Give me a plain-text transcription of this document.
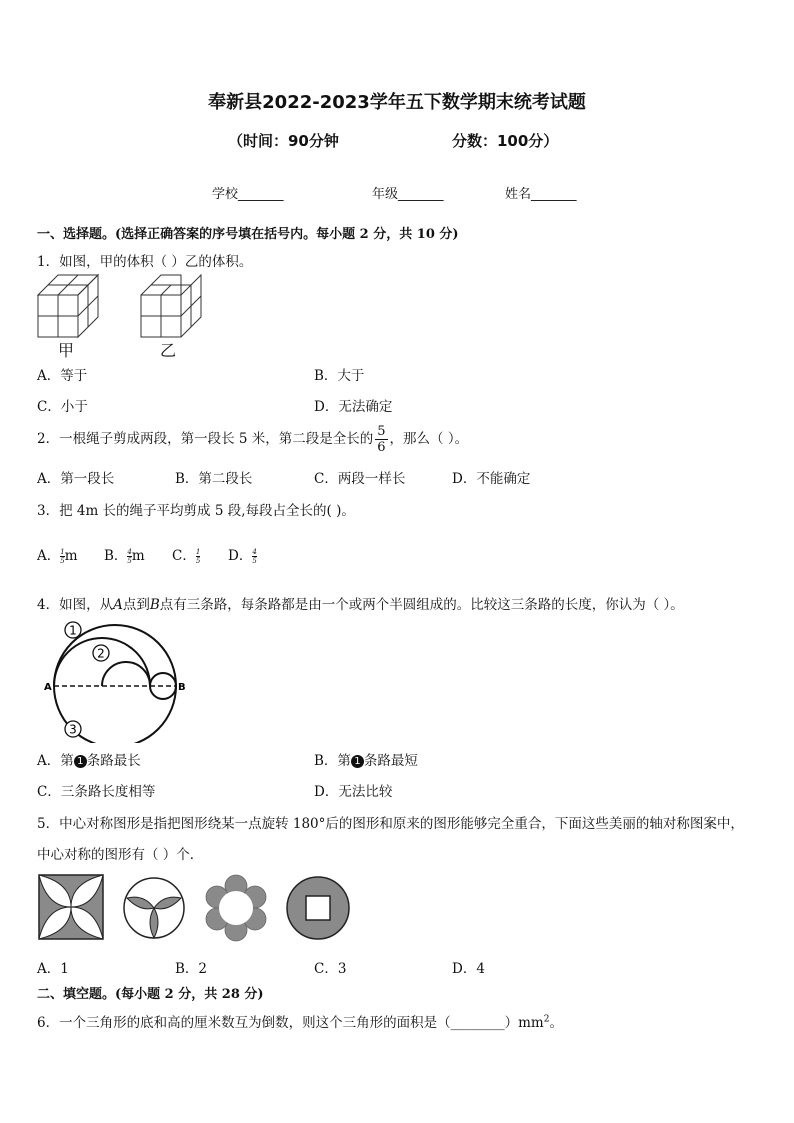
奉新县2022-2023学年五下数学期末统考试题
（时间：90分钟	分数：100分）
学校_______	年级_______	姓名_______
一、选择题。(选择正确答案的序号填在括号内。每小题 2 分，共 10 分)
1．如图，甲的体积（ ）乙的体积。
甲	乙
A．等于	B．大于
C．小于	D．无法确定
2．一根绳子剪成两段，第一段长 5 米，第二段是全长的 $\frac{5}{6}$ ，那么（ ）。
A．第一段长	B．第二段长	C．两段一样长	D．不能确定
3．把 4m 长的绳子平均剪成 5 段,每段占全长的( )。
A． $\frac{1}{5}m$ B． $\frac{4}{5}m$ C． $\frac{1}{5}$ D． $\frac{4}{5}$
4．如图，从A点到B点有三条路，每条路都是由一个或两个半圆组成的。比较这三条路的长度，你认为（ ）。
1
2
3
A	B
A．第 1 条路最长	B．第 1 条路最短
C．三条路长度相等	D．无法比较
5．中心对称图形是指把图形绕某一点旋转 180°后的图形和原来的图形能够完全重合，下面这些美丽的轴对称图案中，
中心对称的图形有（ ）个．
A．1	B．2	C．3	D．4
二、填空题。(每小题 2 分，共 28 分)
6．一个三角形的底和高的厘米数互为倒数，则这个三角形的面积是$(\_\_\_\_\_\_\_\_)mm^2$。
